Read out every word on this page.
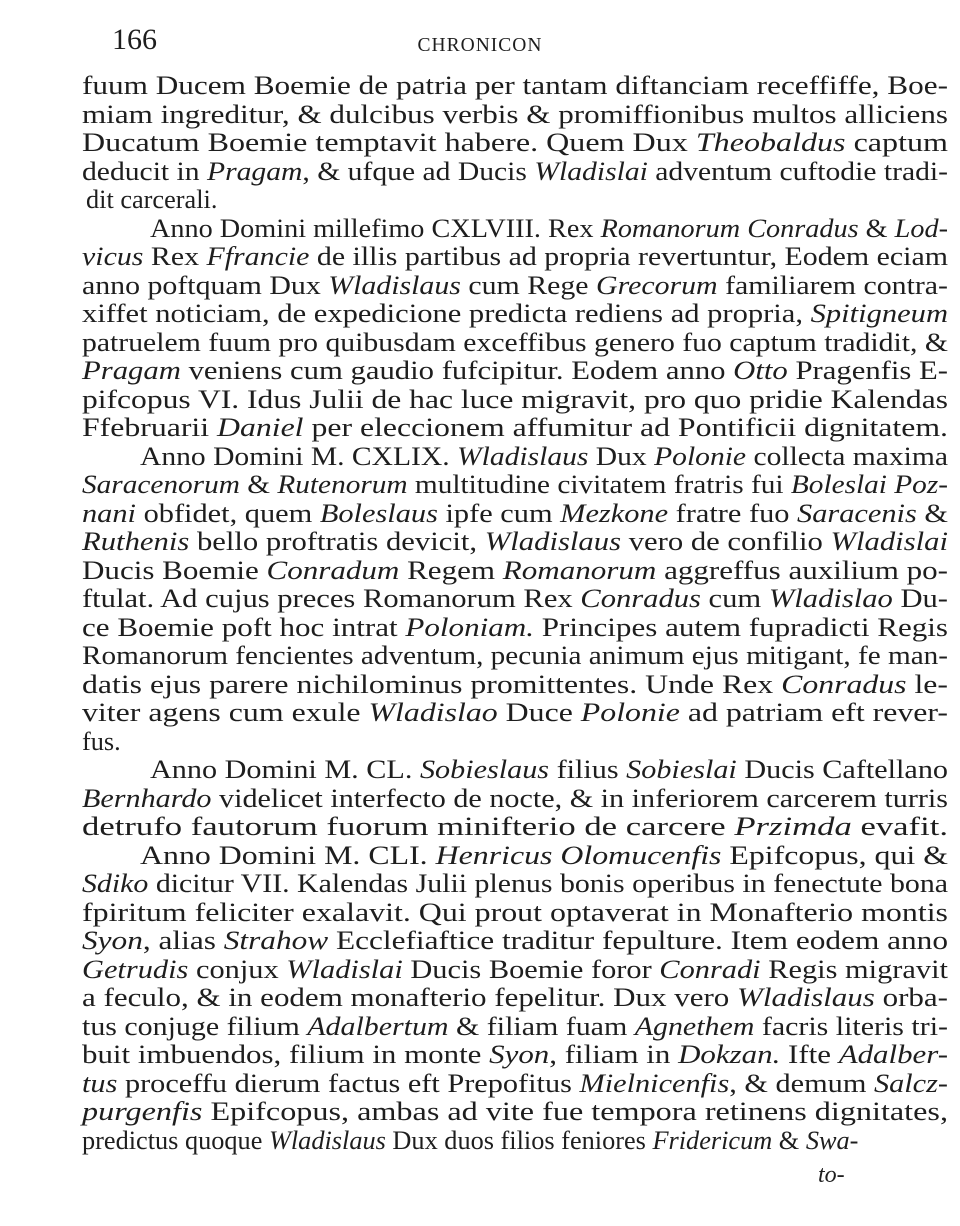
166	CHRONICON
fuum Ducem Boemie de patria per tantam diftanciam receffiffe, Boe-
miam ingreditur, & dulcibus verbis & promiffionibus multos alliciens
Ducatum Boemie temptavit habere. Quem Dux Theobaldus captum
deducit in Pragam, & ufque ad Ducis Wladislai adventum cuftodie tradi-
dit carcerali.
Anno Domini millefimo CXLVIII. Rex Romanorum Conradus & Lod-
vicus Rex Ffrancie de illis partibus ad propria revertuntur, Eodem eciam
anno poftquam Dux Wladislaus cum Rege Grecorum familiarem contra-
xiffet noticiam, de expedicione predicta rediens ad propria, Spitigneum
patruelem fuum pro quibusdam exceffibus genero fuo captum tradidit, &
Pragam veniens cum gaudio fufcipitur. Eodem anno Otto Pragenfis E-
pifcopus VI. Idus Julii de hac luce migravit, pro quo pridie Kalendas
Ffebruarii Daniel per eleccionem affumitur ad Pontificii dignitatem.
Anno Domini M. CXLIX. Wladislaus Dux Polonie collecta maxima
Saracenorum & Rutenorum multitudine civitatem fratris fui Boleslai Poz-
nani obfidet, quem Boleslaus ipfe cum Mezkone fratre fuo Saracenis &
Ruthenis bello proftratis devicit, Wladislaus vero de confilio Wladislai
Ducis Boemie Conradum Regem Romanorum aggreffus auxilium po-
ftulat. Ad cujus preces Romanorum Rex Conradus cum Wladislao Du-
ce Boemie poft hoc intrat Poloniam. Principes autem fupradicti Regis
Romanorum fencientes adventum, pecunia animum ejus mitigant, fe man-
datis ejus parere nichilominus promittentes. Unde Rex Conradus le-
viter agens cum exule Wladislao Duce Polonie ad patriam eft rever-
fus.
Anno Domini M. CL. Sobieslaus filius Sobieslai Ducis Caftellano
Bernhardo videlicet interfecto de nocte, & in inferiorem carcerem turris
detrufo fautorum fuorum minifterio de carcere Przimda evafit.
Anno Domini M. CLI. Henricus Olomucenfis Epifcopus, qui &
Sdiko dicitur VII. Kalendas Julii plenus bonis operibus in fenectute bona
fpiritum feliciter exalavit. Qui prout optaverat in Monafterio montis
Syon, alias Strahow Ecclefiaftice traditur fepulture. Item eodem anno
Getrudis conjux Wladislai Ducis Boemie foror Conradi Regis migravit
a feculo, & in eodem monafterio fepelitur. Dux vero Wladislaus orba-
tus conjuge filium Adalbertum & filiam fuam Agnethem facris literis tri-
buit imbuendos, filium in monte Syon, filiam in Dokzan. Ifte Adalber-
tus proceffu dierum factus eft Prepofitus Mielnicenfis, & demum Salcz-
purgenfis Epifcopus, ambas ad vite fue tempora retinens dignitates,
predictus quoque Wladislaus Dux duos filios feniores Fridericum & Swa-
to-
